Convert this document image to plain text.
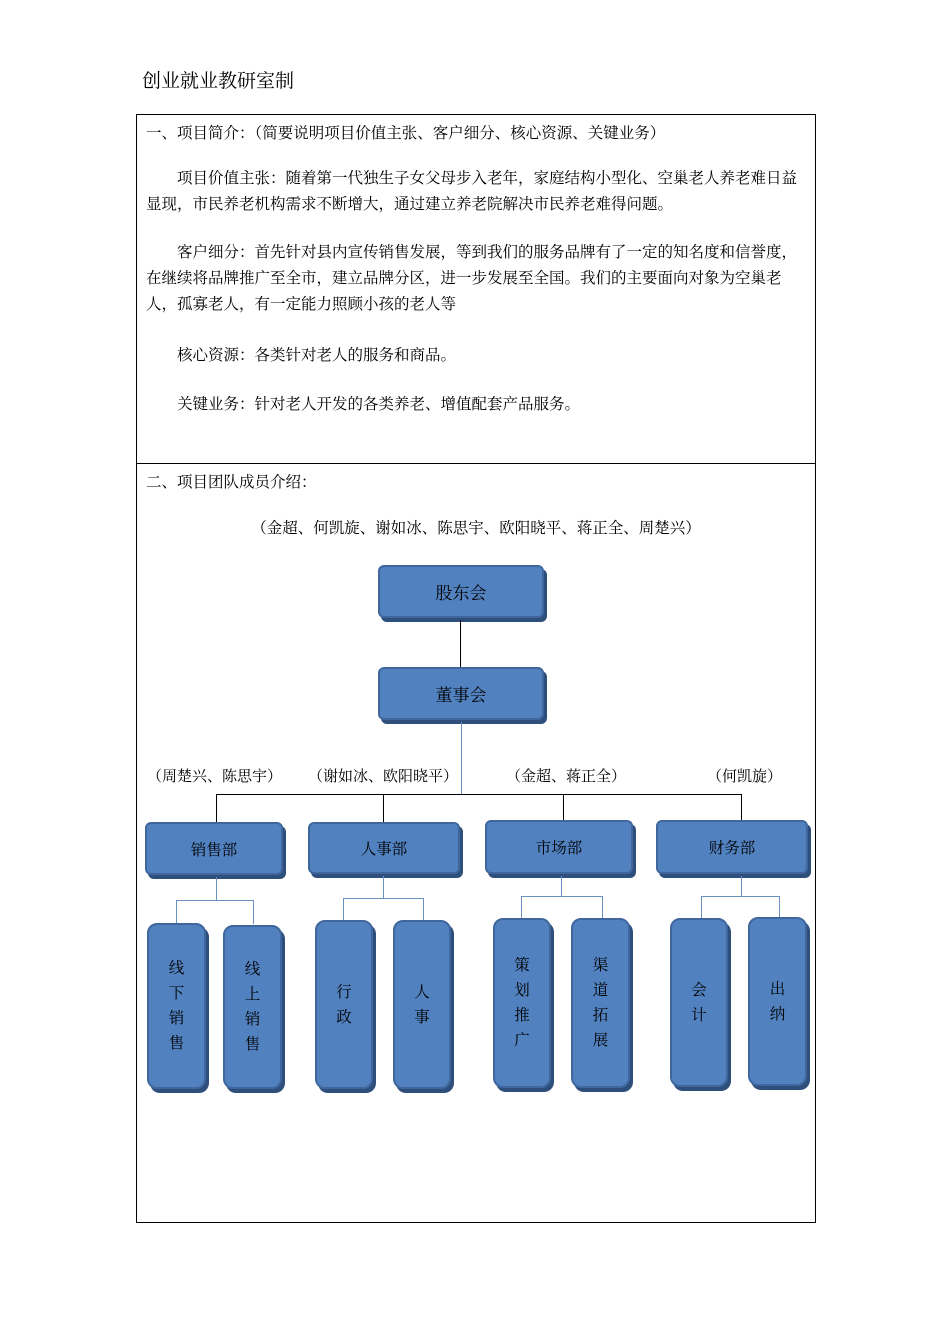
创业就业教研室制
一、项目简介：（简要说明项目价值主张、客户细分、核心资源、关键业务）
项目价值主张：随着第一代独生子女父母步入老年，家庭结构小型化、空巢老人养老难日益显现，市民养老机构需求不断增大，通过建立养老院解决市民养老难得问题。
客户细分：首先针对县内宣传销售发展，等到我们的服务品牌有了一定的知名度和信誉度，在继续将品牌推广至全市，建立品牌分区，进一步发展至全国。我们的主要面向对象为空巢老人，孤寡老人，有一定能力照顾小孩的老人等
核心资源：各类针对老人的服务和商品。
关键业务：针对老人开发的各类养老、增值配套产品服务。
二、项目团队成员介绍：
（金超、何凯旋、谢如冰、陈思宇、欧阳晓平、蒋正全、周楚兴）
股东会
董事会
（周楚兴、陈思宇） （谢如冰、欧阳晓平）	（金超、蒋正全）	（何凯旋）
销售部	人事部	市场部	财务部
线
下
销
售
线
上
销
售
行
政
人
事
策
划
推
广
渠
道
拓
展
会
计
出
纳
